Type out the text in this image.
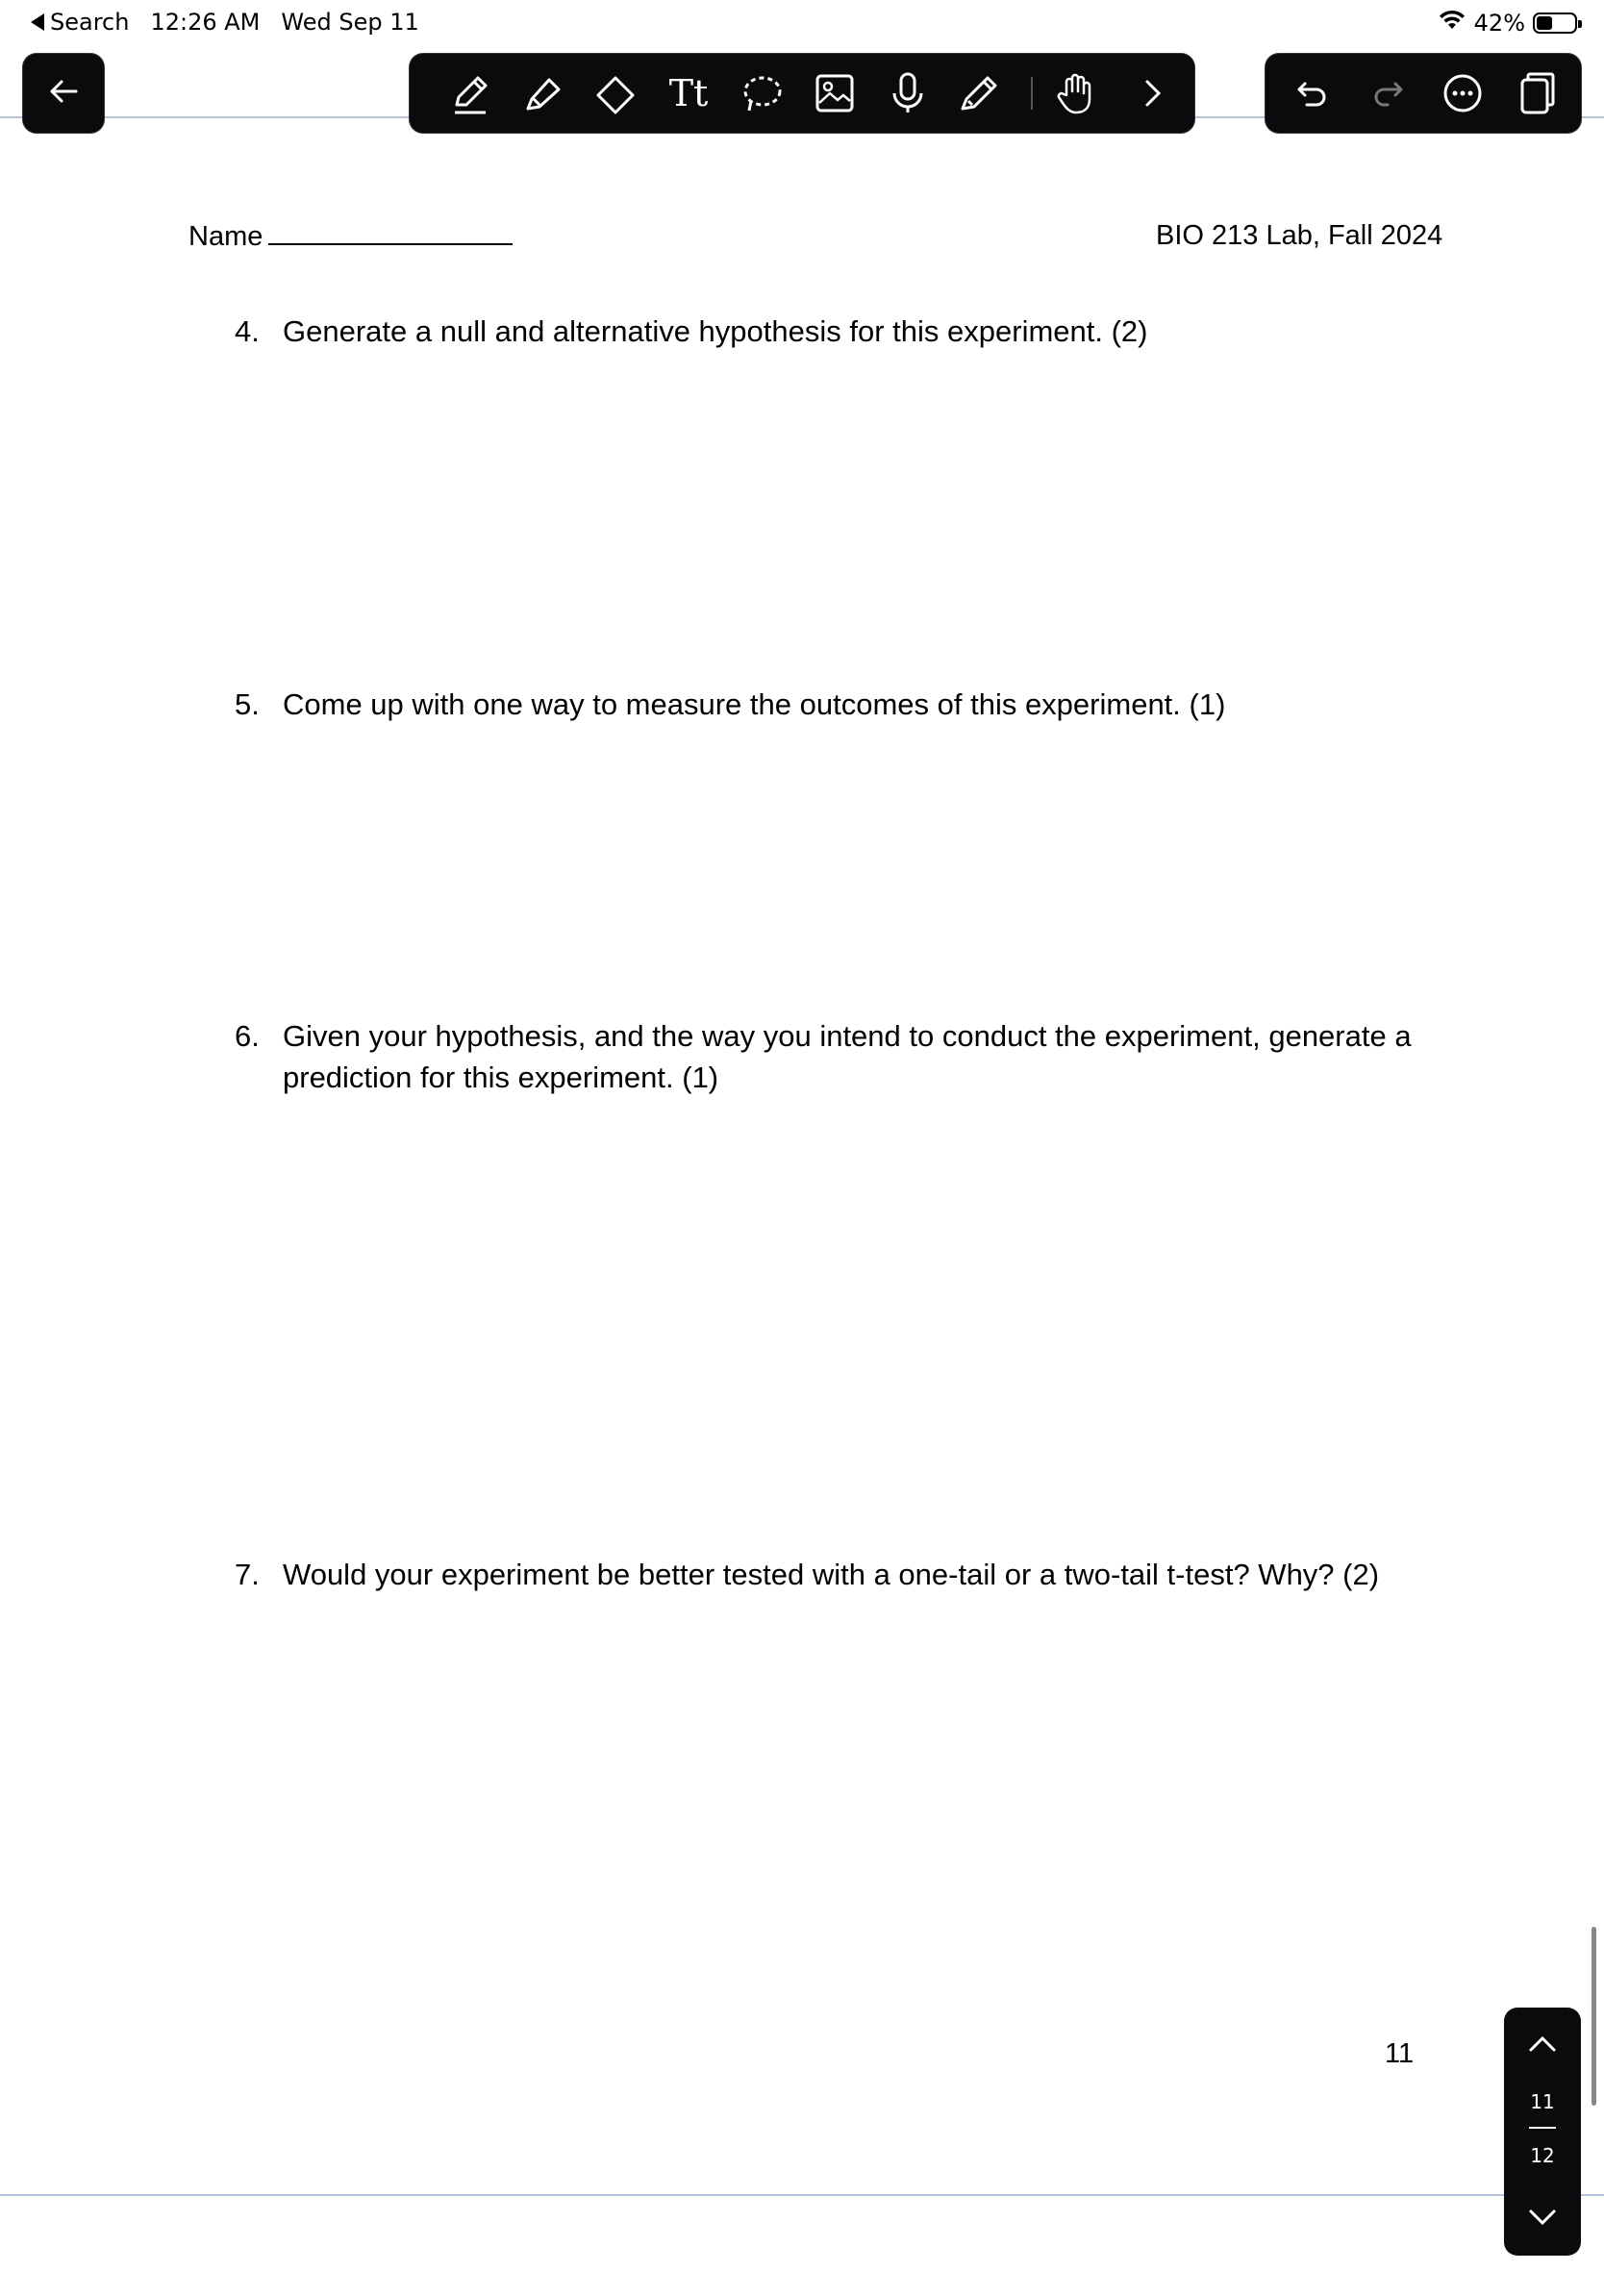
Search 12:26 AM Wed Sep 11	42%
Tt
Name	BIO 213 Lab, Fall 2024
4. Generate a null and alternative hypothesis for this experiment. (2)
5. Come up with one way to measure the outcomes of this experiment. (1)
6. Given your hypothesis, and the way you intend to conduct the experiment, generate a
prediction for this experiment. (1)
7. Would your experiment be better tested with a one-tail or a two-tail t-test? Why? (2)
11
11
12
